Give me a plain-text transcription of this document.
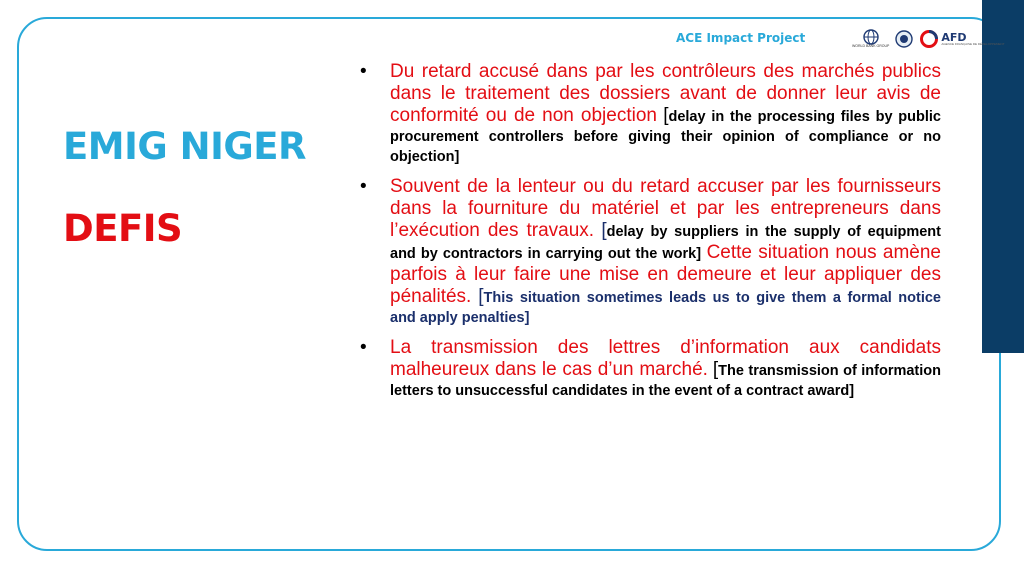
ACE Impact Project
WORLD BANK GROUP
AFD
AGENCE FRANÇAISE DE DÉVELOPPEMENT
EMIG NIGER
DEFIS
• Du retard accusé dans par les contrôleurs des marchés publics dans le traitement des dossiers avant de donner leur avis de conformité ou de non objection [delay in the processing files by public procurement controllers before giving their opinion of compliance or no objection]
• Souvent de la lenteur ou du retard accuser par les fournisseurs dans la fourniture du matériel et par les entrepreneurs dans l’exécution des travaux. [delay by suppliers in the supply of equipment and by contractors in carrying out the work] Cette situation nous amène parfois à leur faire une mise en demeure et leur appliquer des pénalités. [This situation sometimes leads us to give them a formal notice and apply penalties]
• La transmission des lettres d’information aux candidats malheureux dans le cas d’un marché. [The transmission of information letters to unsuccessful candidates in the event of a contract award]
